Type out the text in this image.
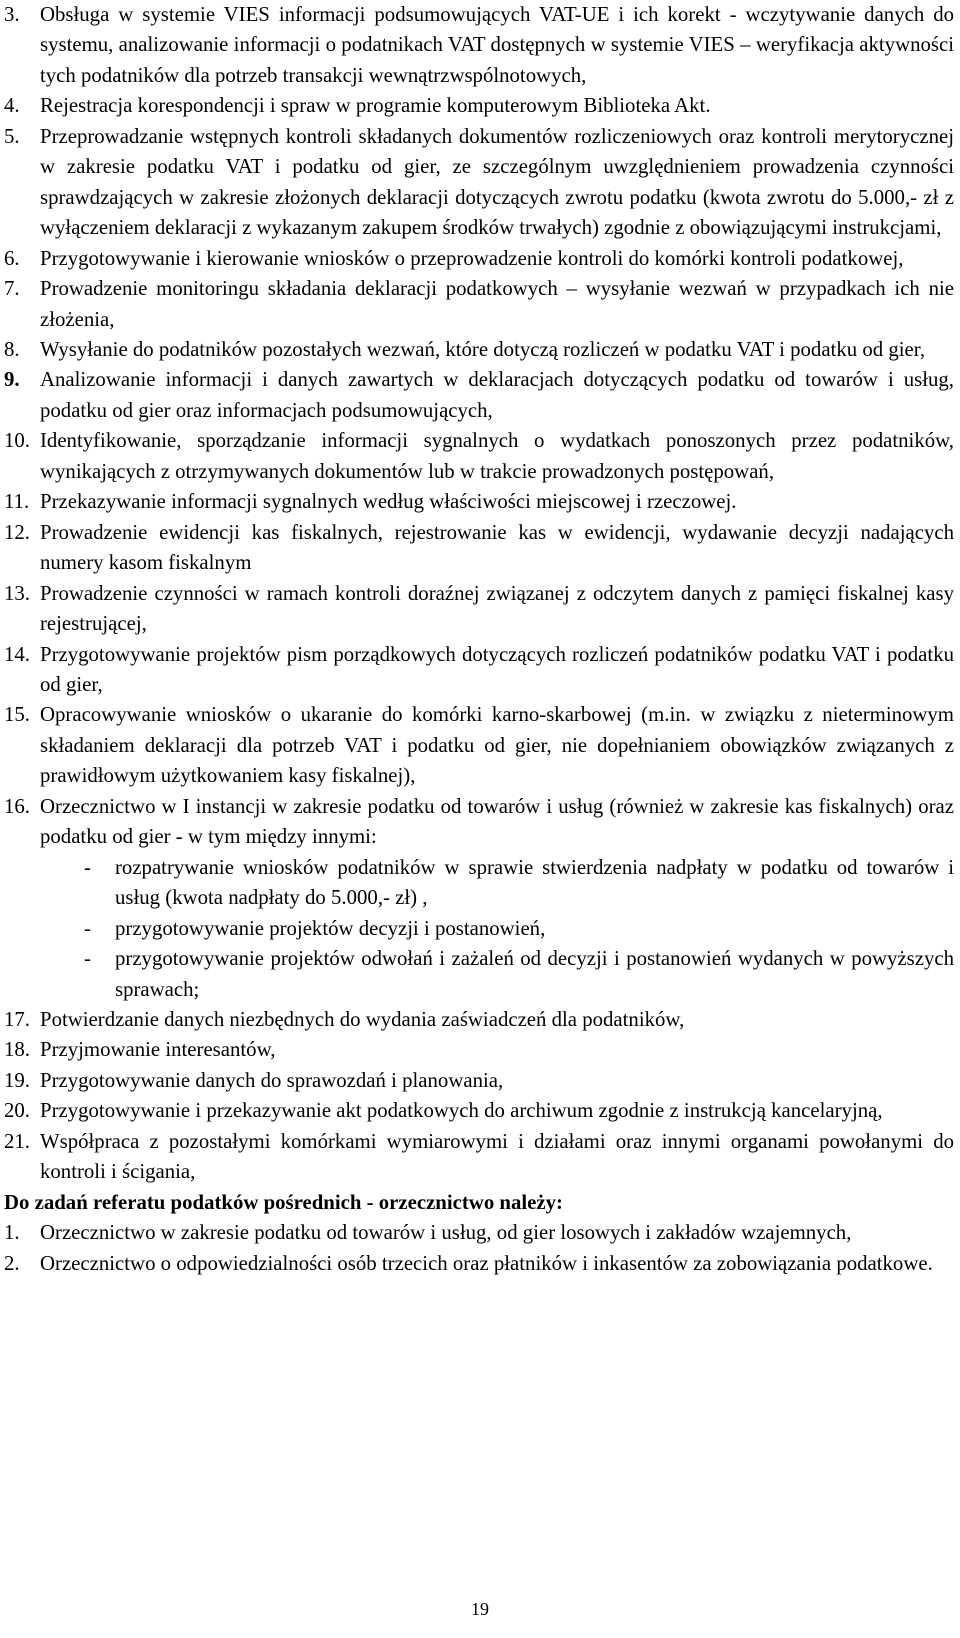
3. Obsługa w systemie VIES informacji podsumowujących VAT-UE i ich korekt - wczytywanie danych do systemu, analizowanie informacji o podatnikach VAT dostępnych w systemie VIES – weryfikacja aktywności tych podatników dla potrzeb transakcji wewnątrzwspólnotowych,
4. Rejestracja korespondencji i spraw w programie komputerowym Biblioteka Akt.
5. Przeprowadzanie wstępnych kontroli składanych dokumentów rozliczeniowych oraz kontroli merytorycznej w zakresie podatku VAT i podatku od gier, ze szczególnym uwzględnieniem prowadzenia czynności sprawdzających w zakresie złożonych deklaracji dotyczących zwrotu podatku (kwota zwrotu do 5.000,- zł z wyłączeniem deklaracji z wykazanym zakupem środków trwałych) zgodnie z obowiązującymi instrukcjami,
6. Przygotowywanie i kierowanie wniosków o przeprowadzenie kontroli do komórki kontroli podatkowej,
7. Prowadzenie monitoringu składania deklaracji podatkowych – wysyłanie wezwań w przypadkach ich nie złożenia,
8. Wysyłanie do podatników pozostałych wezwań, które dotyczą rozliczeń w podatku VAT i podatku od gier,
9. Analizowanie informacji i danych zawartych w deklaracjach dotyczących podatku od towarów i usług, podatku od gier oraz informacjach podsumowujących,
10. Identyfikowanie, sporządzanie informacji sygnalnych o wydatkach ponoszonych przez podatników, wynikających z otrzymywanych dokumentów lub w trakcie prowadzonych postępowań,
11. Przekazywanie informacji sygnalnych według właściwości miejscowej i rzeczowej.
12. Prowadzenie ewidencji kas fiskalnych, rejestrowanie kas w ewidencji, wydawanie decyzji nadających numery kasom fiskalnym
13. Prowadzenie czynności w ramach kontroli doraźnej związanej z odczytem danych z pamięci fiskalnej kasy rejestrującej,
14. Przygotowywanie projektów pism porządkowych dotyczących rozliczeń podatników podatku VAT i podatku od gier,
15. Opracowywanie wniosków o ukaranie do komórki karno-skarbowej (m.in. w związku z nieterminowym składaniem deklaracji dla potrzeb VAT i podatku od gier, nie dopełnianiem obowiązków związanych z prawidłowym użytkowaniem kasy fiskalnej),
16. Orzecznictwo w I instancji w zakresie podatku od towarów i usług (również w zakresie kas fiskalnych) oraz podatku od gier - w tym między innymi:
- rozpatrywanie wniosków podatników w sprawie stwierdzenia nadpłaty w podatku od towarów i usług (kwota nadpłaty do 5.000,- zł) ,
- przygotowywanie projektów decyzji i postanowień,
- przygotowywanie projektów odwołań i zażaleń od decyzji i postanowień wydanych w powyższych sprawach;
17. Potwierdzanie danych niezbędnych do wydania zaświadczeń dla podatników,
18. Przyjmowanie interesantów,
19. Przygotowywanie danych do sprawozdań i planowania,
20. Przygotowywanie i przekazywanie akt podatkowych do archiwum zgodnie z instrukcją kancelaryjną,
21. Współpraca z pozostałymi komórkami wymiarowymi i działami oraz innymi organami powołanymi do kontroli i ścigania,
Do zadań referatu podatków pośrednich - orzecznictwo należy:
1. Orzecznictwo w zakresie podatku od towarów i usług, od gier losowych i zakładów wzajemnych,
2. Orzecznictwo o odpowiedzialności osób trzecich oraz płatników i inkasentów za zobowiązania podatkowe.
19
